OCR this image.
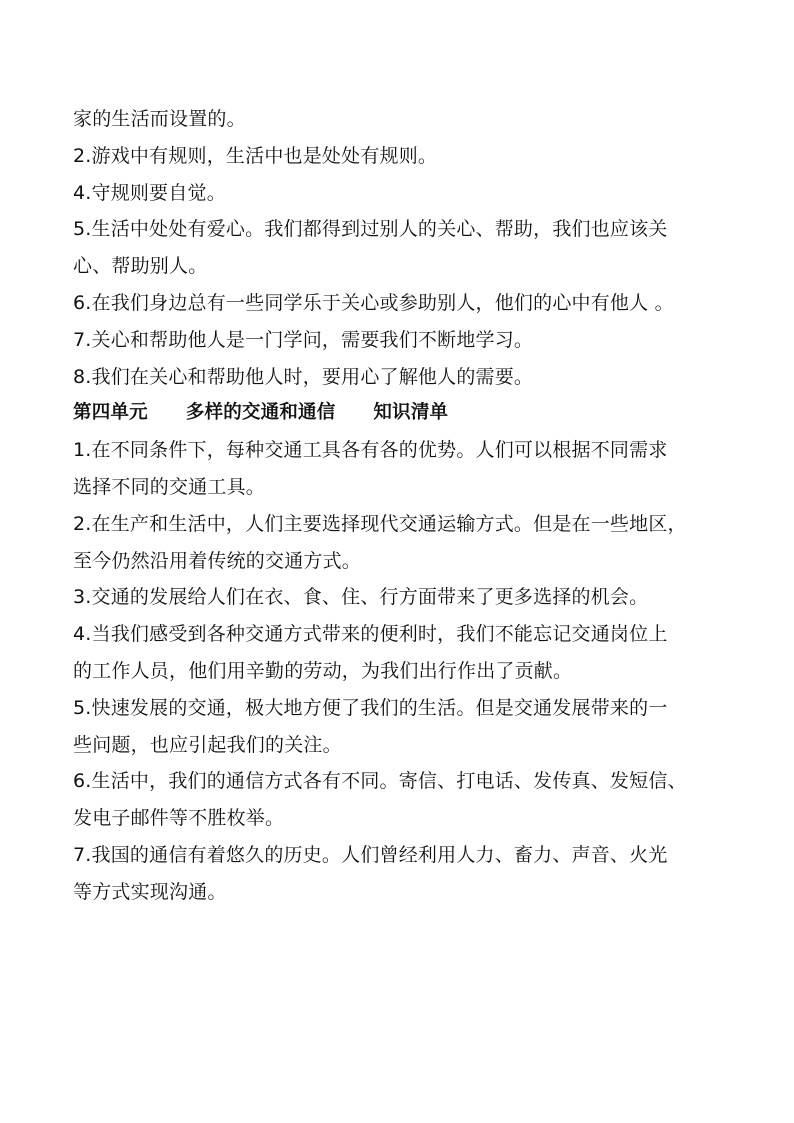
家的生活而设置的。
2.游戏中有规则，生活中也是处处有规则。
4.守规则要自觉。
5.生活中处处有爱心。我们都得到过别人的关心、帮助，我们也应该关
心、帮助别人。
6.在我们身边总有一些同学乐于关心或参助别人，他们的心中有他人 。
7.关心和帮助他人是一门学问，需要我们不断地学习。
8.我们在关心和帮助他人时，要用心了解他人的需要。
第四单元 多样的交通和通信 知识清单
1.在不同条件下，每种交通工具各有各的优势。人们可以根据不同需求
选择不同的交通工具。
2.在生产和生活中，人们主要选择现代交通运输方式。但是在一些地区，
至今仍然沿用着传统的交通方式。
3.交通的发展给人们在衣、食、住、行方面带来了更多选择的机会。
4.当我们感受到各种交通方式带来的便利时，我们不能忘记交通岗位上
的工作人员，他们用辛勤的劳动，为我们出行作出了贡献。
5.快速发展的交通，极大地方便了我们的生活。但是交通发展带来的一
些问题，也应引起我们的关注。
6.生活中，我们的通信方式各有不同。寄信、打电话、发传真、发短信、
发电子邮件等不胜枚举。
7.我国的通信有着悠久的历史。人们曾经利用人力、畜力、声音、火光
等方式实现沟通。
